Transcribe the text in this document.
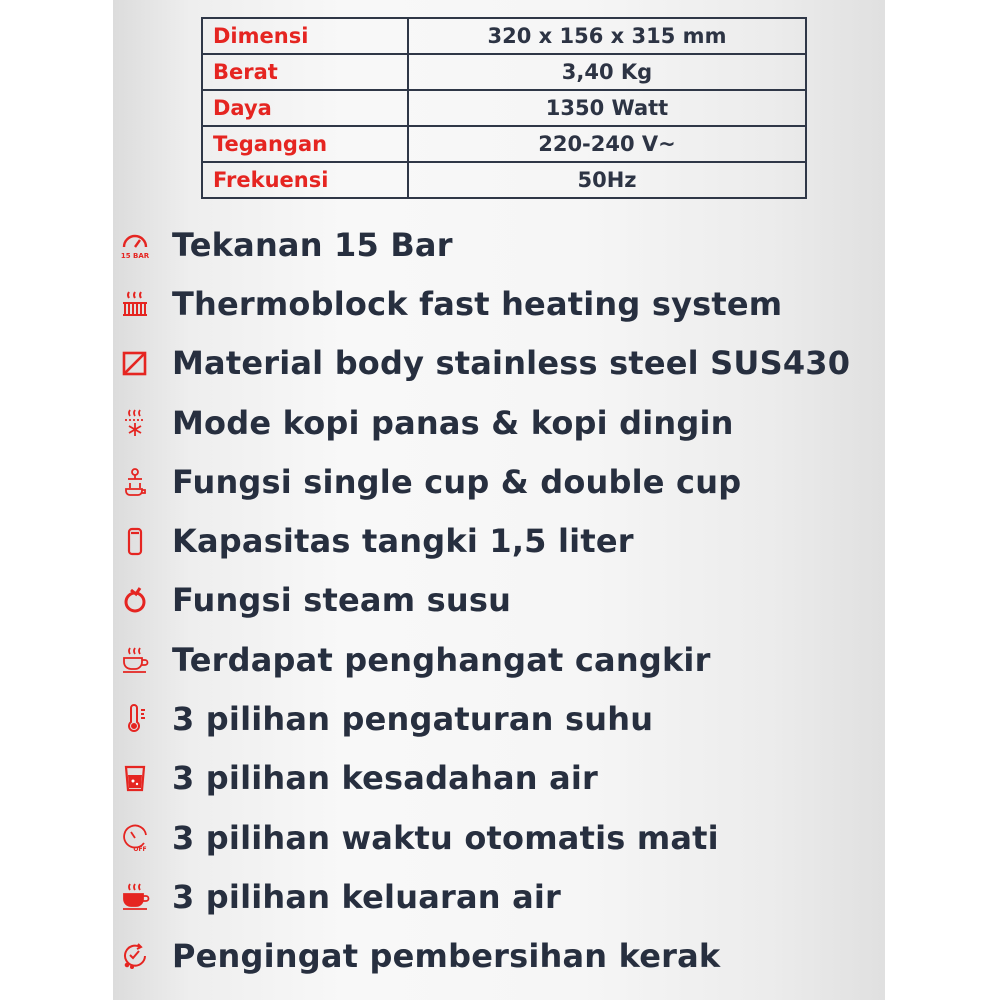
Dimensi	320 x 156 x 315 mm
Berat	3,40 Kg
Daya	1350 Watt
Tegangan	220-240 V~
Frekuensi	50Hz
15 BAR Tekanan 15 Bar
Thermoblock fast heating system
Material body stainless steel SUS430
Mode kopi panas & kopi dingin
Fungsi single cup & double cup
Kapasitas tangki 1,5 liter
Fungsi steam susu
Terdapat penghangat cangkir
3 pilihan pengaturan suhu
3 pilihan kesadahan air
OFF 3 pilihan waktu otomatis mati
3 pilihan keluaran air
Pengingat pembersihan kerak
